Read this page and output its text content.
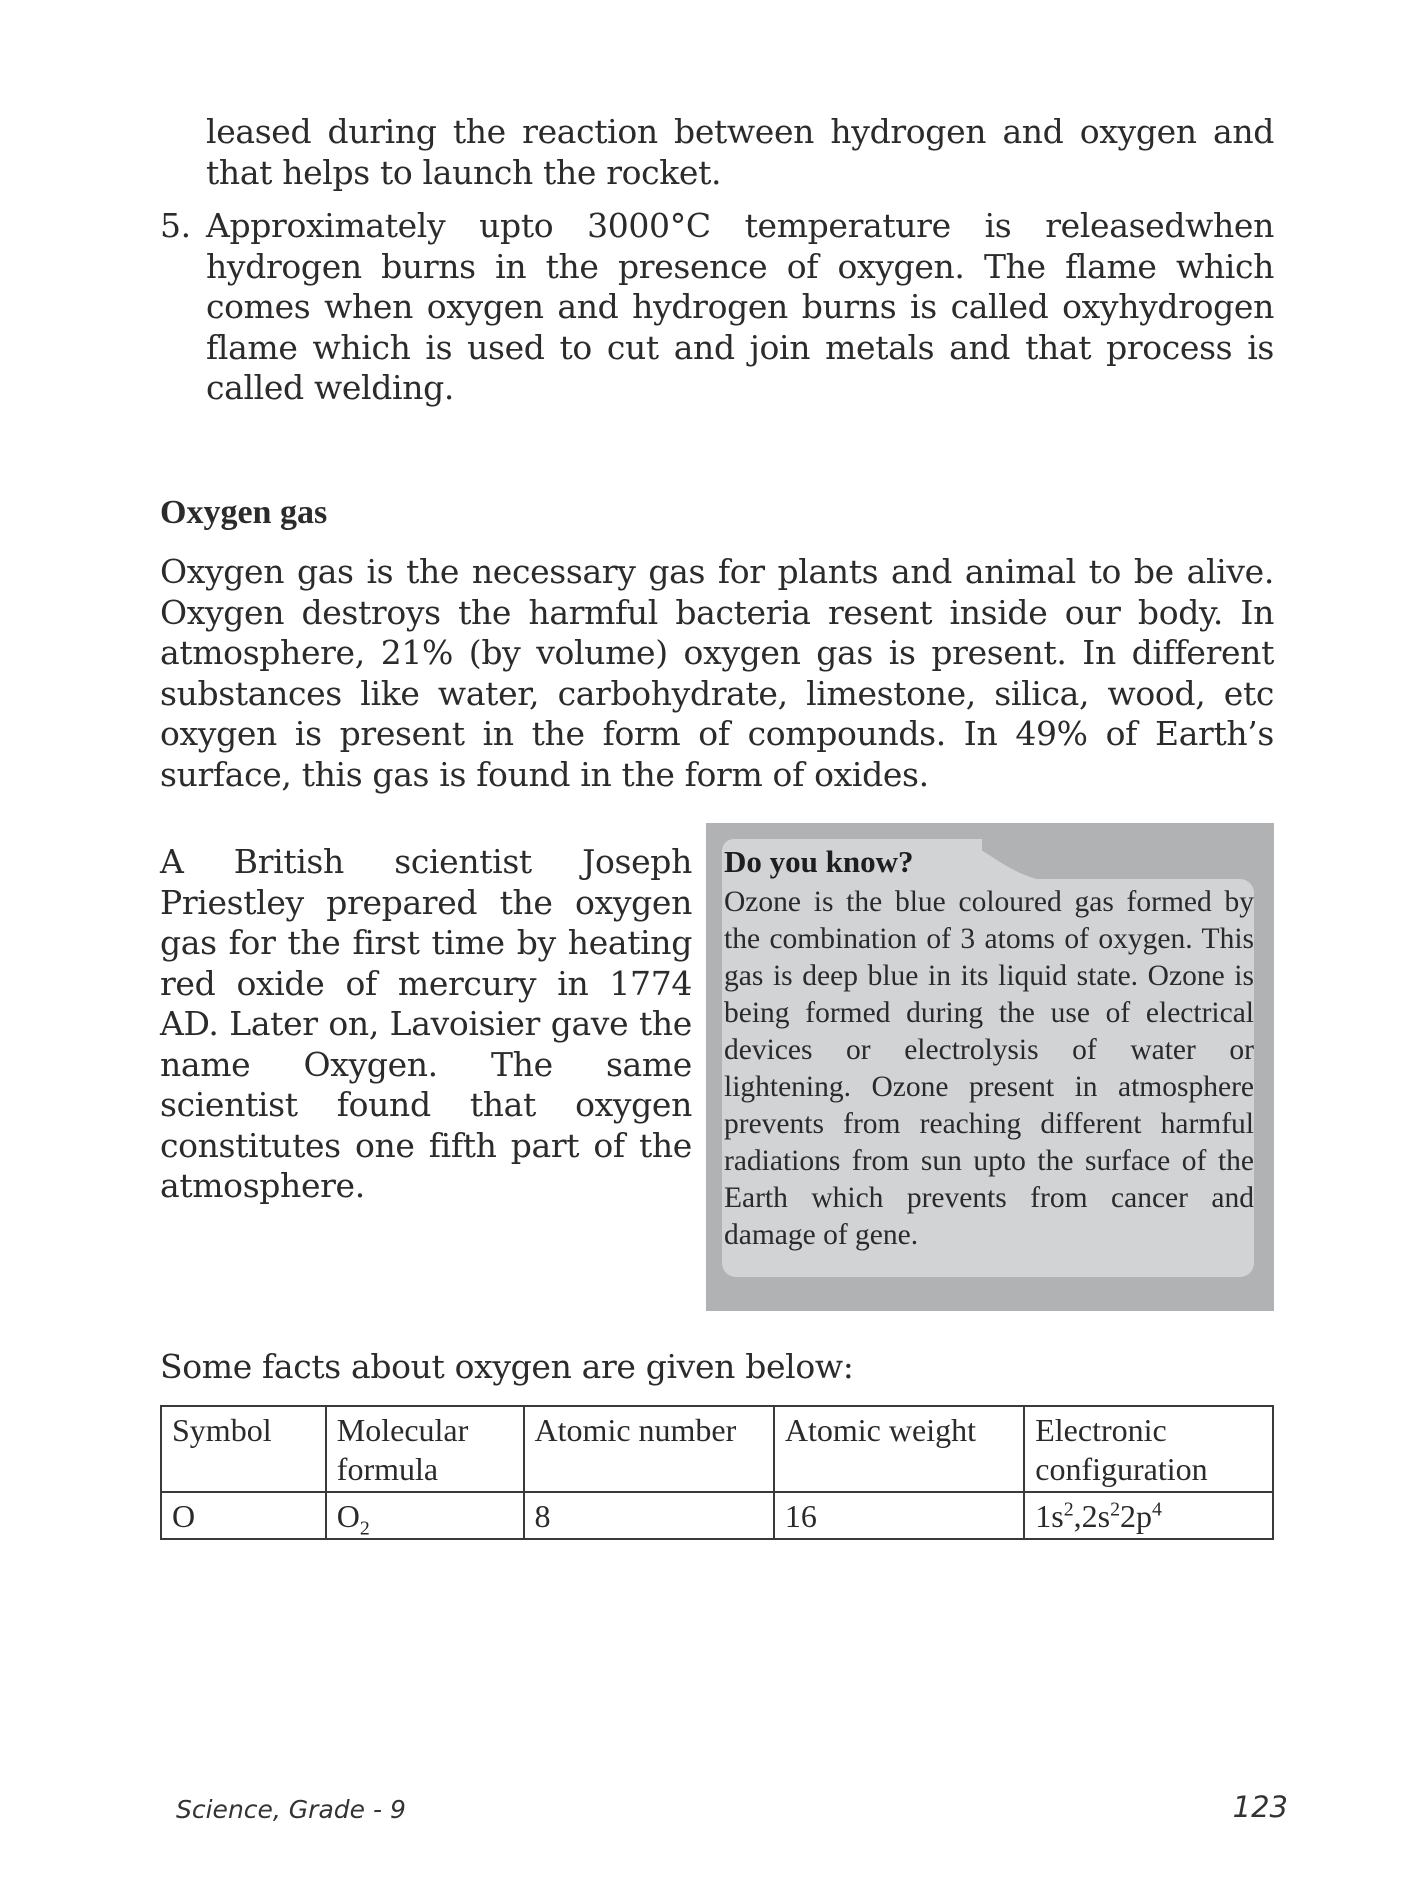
leased during the reaction between hydrogen and oxygen and that helps to launch the rocket.

5. Approximately upto 3000°C temperature is releasedwhen hydrogen burns in the presence of oxygen. The flame which comes when oxygen and hydrogen burns is called oxyhydrogen flame which is used to cut and join metals and that process is called welding.

Oxygen gas

Oxygen gas is the necessary gas for plants and animal to be alive. Oxygen destroys the harmful bacteria resent inside our body. In atmosphere, 21% (by volume) oxygen gas is present. In different substances like water, carbohydrate, limestone, silica, wood, etc oxygen is present in the form of compounds. In 49% of Earth’s surface, this gas is found in the form of oxides.

A British scientist Joseph Priestley prepared the oxygen gas for the first time by heating red oxide of mercury in 1774 AD. Later on, Lavoisier gave the name Oxygen. The same scientist found that oxygen constitutes one fifth part of the atmosphere.

Do you know?

Ozone is the blue coloured gas formed by the combination of 3 atoms of oxygen. This gas is deep blue in its liquid state. Ozone is being formed during the use of electrical devices or electrolysis of water or lightening. Ozone present in atmosphere prevents from reaching different harmful radiations from sun upto the surface of the Earth which prevents from cancer and damage of gene.

Some facts about oxygen are given below:

Symbol	Molecular formula	Atomic number	Atomic weight	Electronic configuration
O	$O_2$	8	16	$1s^2,2s^22p^4$
Science, Grade - 9	123
